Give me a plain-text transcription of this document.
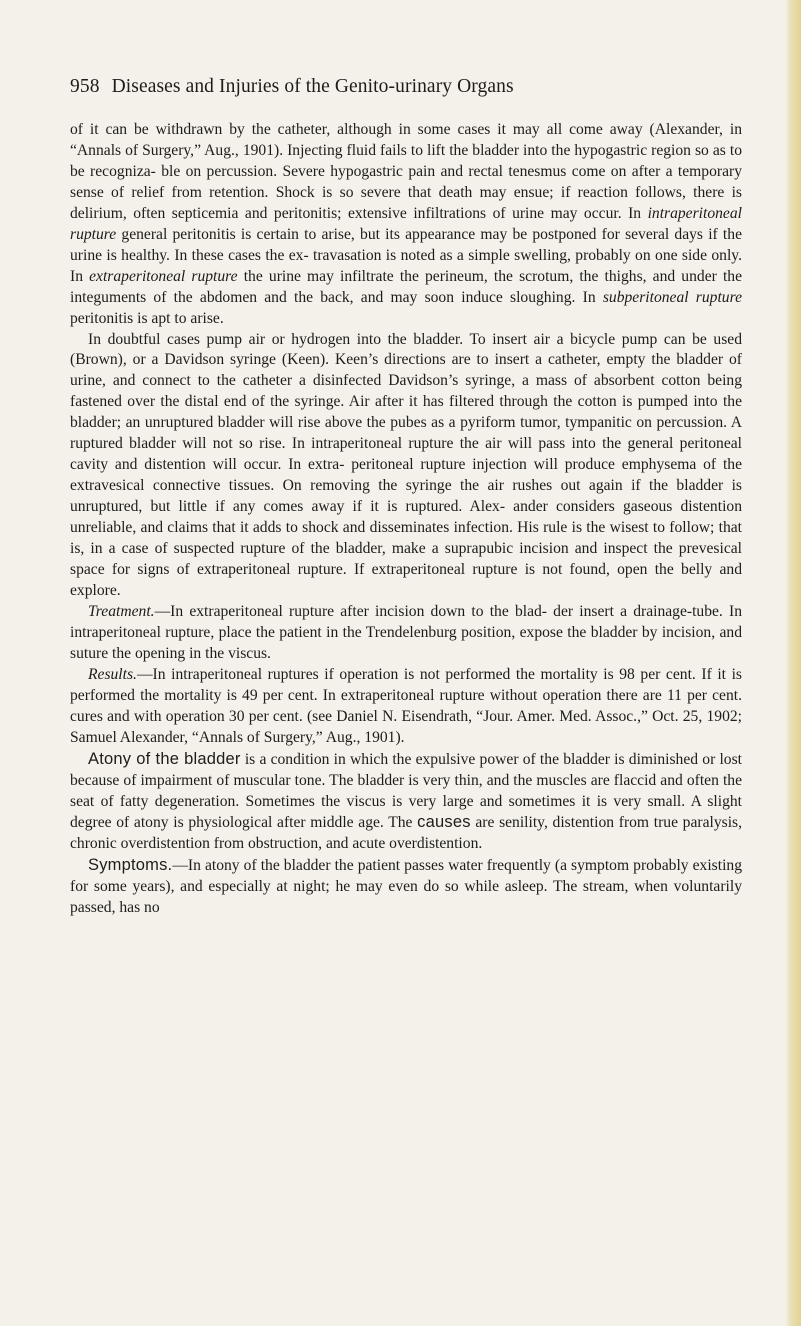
958 Diseases and Injuries of the Genito-urinary Organs

of it can be withdrawn by the catheter, although in some cases it may all come away (Alexander, in “Annals of Surgery,” Aug., 1901). Injecting fluid fails to lift the bladder into the hypogastric region so as to be recogniza- ble on percussion. Severe hypogastric pain and rectal tenesmus come on after a temporary sense of relief from retention. Shock is so severe that death may ensue; if reaction follows, there is delirium, often septicemia and peritonitis; extensive infiltrations of urine may occur. In intraperitoneal rupture general peritonitis is certain to arise, but its appearance may be postponed for several days if the urine is healthy. In these cases the ex- travasation is noted as a simple swelling, probably on one side only. In extraperitoneal rupture the urine may infiltrate the perineum, the scrotum, the thighs, and under the integuments of the abdomen and the back, and may soon induce sloughing. In subperitoneal rupture peritonitis is apt to arise.

In doubtful cases pump air or hydrogen into the bladder. To insert air a bicycle pump can be used (Brown), or a Davidson syringe (Keen). Keen’s directions are to insert a catheter, empty the bladder of urine, and connect to the catheter a disinfected Davidson’s syringe, a mass of absorbent cotton being fastened over the distal end of the syringe. Air after it has filtered through the cotton is pumped into the bladder; an unruptured bladder will rise above the pubes as a pyriform tumor, tympanitic on percussion. A ruptured bladder will not so rise. In intraperitoneal rupture the air will pass into the general peritoneal cavity and distention will occur. In extra- peritoneal rupture injection will produce emphysema of the extravesical connective tissues. On removing the syringe the air rushes out again if the bladder is unruptured, but little if any comes away if it is ruptured. Alex- ander considers gaseous distention unreliable, and claims that it adds to shock and disseminates infection. His rule is the wisest to follow; that is, in a case of suspected rupture of the bladder, make a suprapubic incision and inspect the prevesical space for signs of extraperitoneal rupture. If extraperitoneal rupture is not found, open the belly and explore.

Treatment.—In extraperitoneal rupture after incision down to the blad- der insert a drainage-tube. In intraperitoneal rupture, place the patient in the Trendelenburg position, expose the bladder by incision, and suture the opening in the viscus.

Results.—In intraperitoneal ruptures if operation is not performed the mortality is 98 per cent. If it is performed the mortality is 49 per cent. In extraperitoneal rupture without operation there are 11 per cent. cures and with operation 30 per cent. (see Daniel N. Eisendrath, “Jour. Amer. Med. Assoc.,” Oct. 25, 1902; Samuel Alexander, “Annals of Surgery,” Aug., 1901).

Atony of the bladder is a condition in which the expulsive power of the bladder is diminished or lost because of impairment of muscular tone. The bladder is very thin, and the muscles are flaccid and often the seat of fatty degeneration. Sometimes the viscus is very large and sometimes it is very small. A slight degree of atony is physiological after middle age. The causes are senility, distention from true paralysis, chronic overdistention from obstruction, and acute overdistention.

Symptoms.—In atony of the bladder the patient passes water frequently (a symptom probably existing for some years), and especially at night; he may even do so while asleep. The stream, when voluntarily passed, has no
